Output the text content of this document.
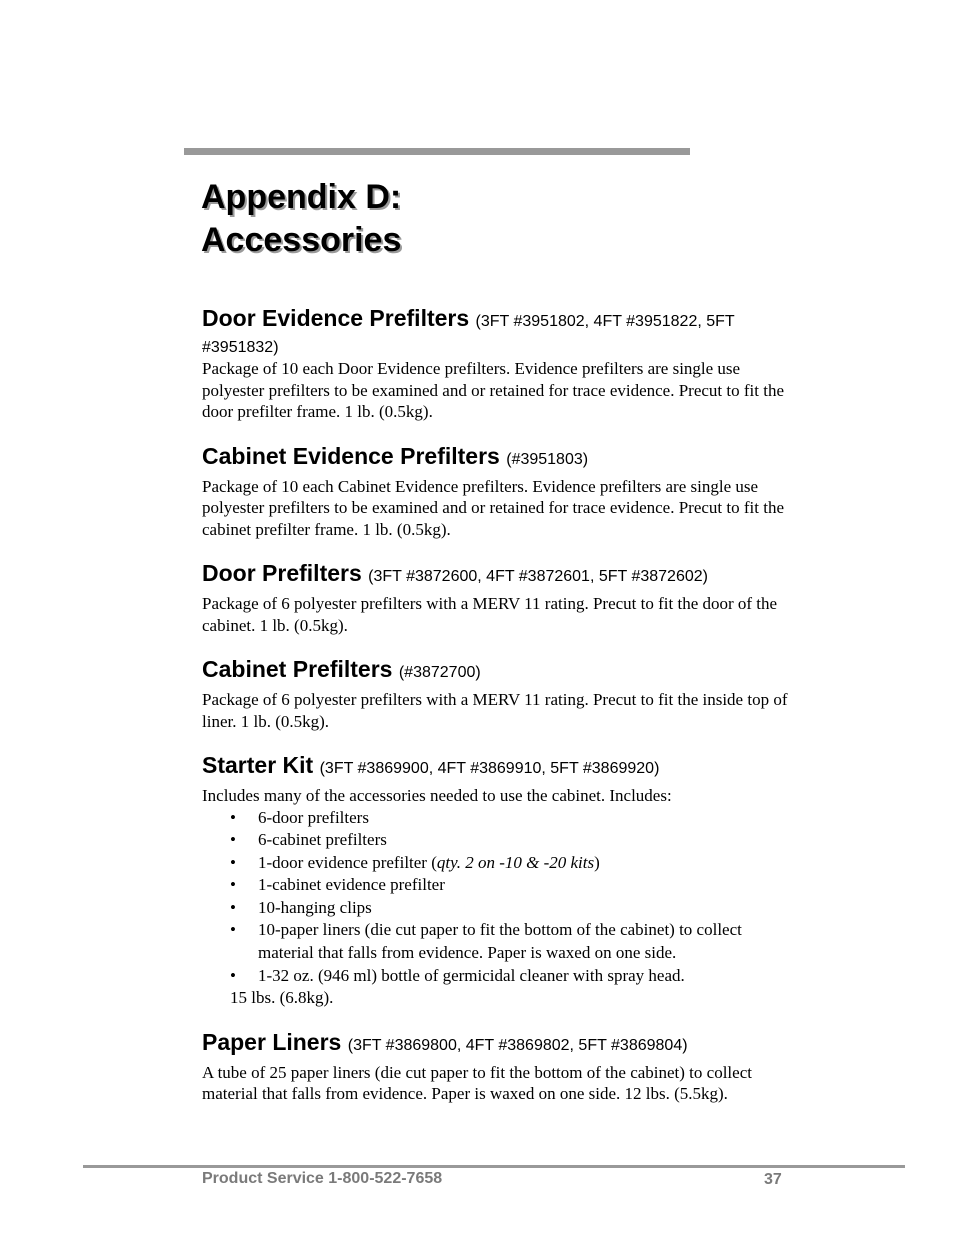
Appendix D:
Accessories
Door Evidence Prefilters (3FT #3951802, 4FT #3951822, 5FT #3951832)

Package of 10 each Door Evidence prefilters. Evidence prefilters are single use polyester prefilters to be examined and or retained for trace evidence. Precut to fit the door prefilter frame. 1 lb. (0.5kg).

Cabinet Evidence Prefilters (#3951803)

Package of 10 each Cabinet Evidence prefilters. Evidence prefilters are single use polyester prefilters to be examined and or retained for trace evidence. Precut to fit the cabinet prefilter frame. 1 lb. (0.5kg).

Door Prefilters (3FT #3872600, 4FT #3872601, 5FT #3872602)

Package of 6 polyester prefilters with a MERV 11 rating. Precut to fit the door of the cabinet. 1 lb. (0.5kg).

Cabinet Prefilters (#3872700)

Package of 6 polyester prefilters with a MERV 11 rating. Precut to fit the inside top of liner. 1 lb. (0.5kg).

Starter Kit (3FT #3869900, 4FT #3869910, 5FT #3869920)

Includes many of the accessories needed to use the cabinet. Includes:

• 6-door prefilters
• 6-cabinet prefilters
• 1-door evidence prefilter (qty. 2 on -10 & -20 kits)
• 1-cabinet evidence prefilter
• 10-hanging clips
• 10-paper liners (die cut paper to fit the bottom of the cabinet) to collect material that falls from evidence. Paper is waxed on one side.
• 1-32 oz. (946 ml) bottle of germicidal cleaner with spray head.

15 lbs. (6.8kg).

Paper Liners (3FT #3869800, 4FT #3869802, 5FT #3869804)

A tube of 25 paper liners (die cut paper to fit the bottom of the cabinet) to collect material that falls from evidence. Paper is waxed on one side. 12 lbs. (5.5kg).

Product Service 1-800-522-7658	37
